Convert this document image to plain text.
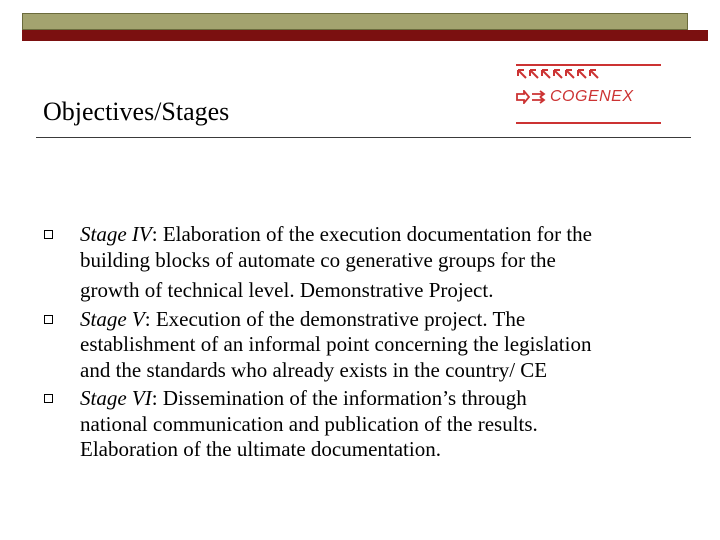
Objectives/Stages
COGENEX
Stage IV: Elaboration of the execution documentation for the
building blocks of automate co generative groups for the

growth of technical level. Demonstrative Project.
Stage V: Execution of the demonstrative project. The
establishment of an informal point concerning the legislation
and the standards who already exists in the country/ CE
Stage VI: Dissemination of the information’s through
national communication and publication of the results.
Elaboration of the ultimate documentation.
